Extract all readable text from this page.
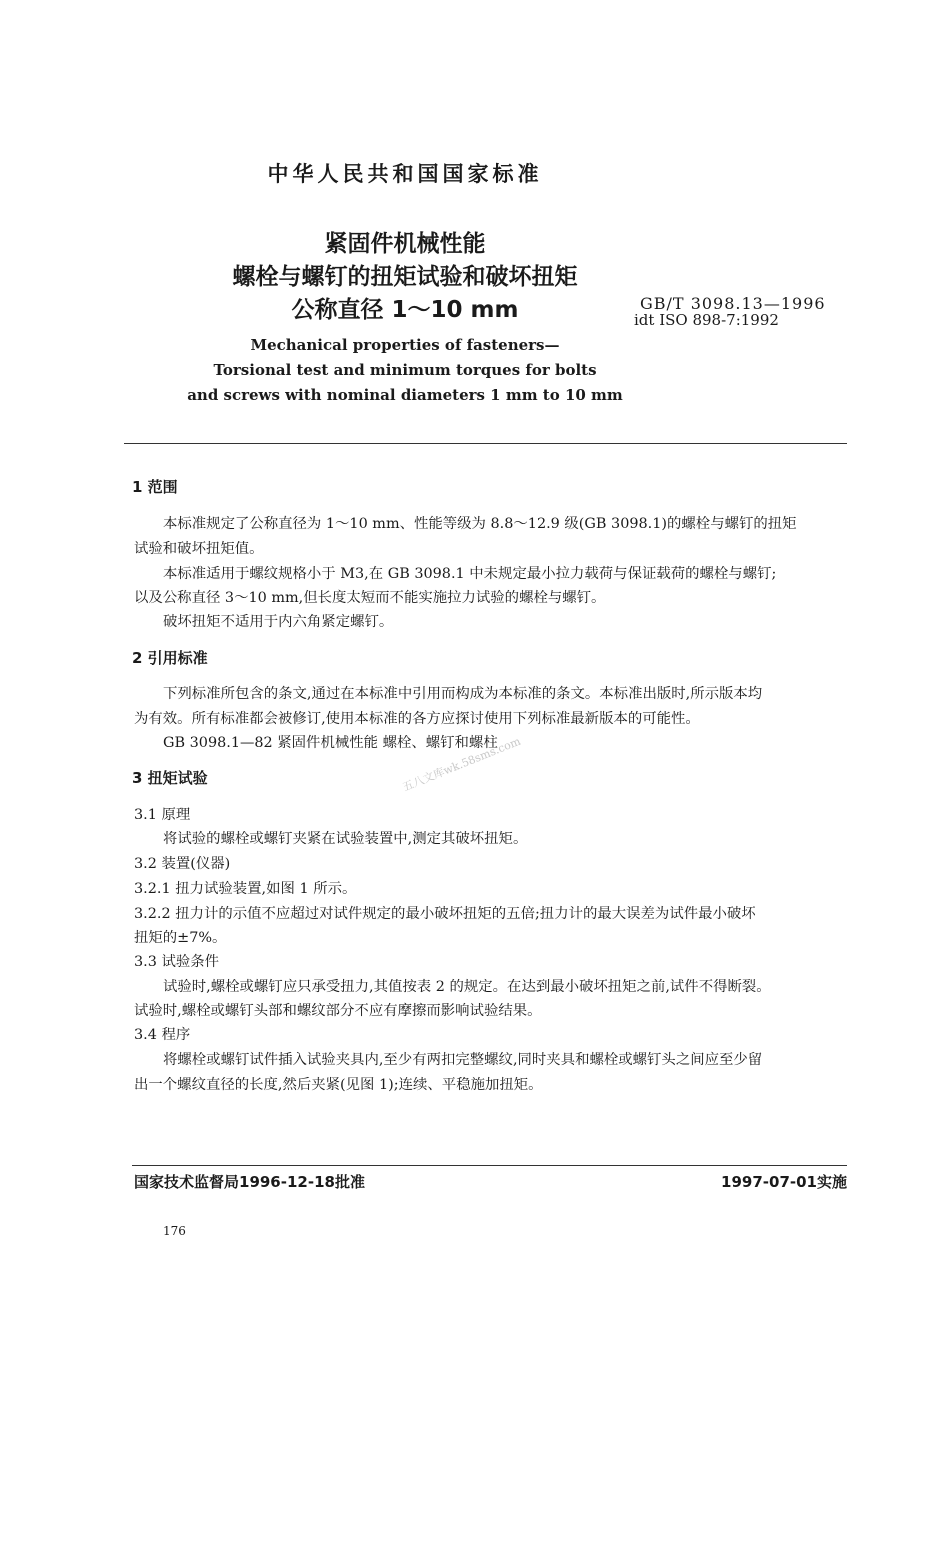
中华人民共和国国家标准
紧固件机械性能
螺栓与螺钉的扭矩试验和破坏扭矩
公称直径 1～10 mm	GB/T 3098.13—1996
idt ISO 898-7:1992
Mechanical properties of fasteners—
Torsional test and minimum torques for bolts
and screws with nominal diameters 1 mm to 10 mm
五八文库wk.58sms.com
1 范围
本标准规定了公称直径为 1～10 mm、性能等级为 8.8～12.9 级(GB 3098.1)的螺栓与螺钉的扭矩
试验和破坏扭矩值。
本标准适用于螺纹规格小于 M3,在 GB 3098.1 中未规定最小拉力载荷与保证载荷的螺栓与螺钉;
以及公称直径 3～10 mm,但长度太短而不能实施拉力试验的螺栓与螺钉。
破坏扭矩不适用于内六角紧定螺钉。
2 引用标准
下列标准所包含的条文,通过在本标准中引用而构成为本标准的条文。本标准出版时,所示版本均
为有效。所有标准都会被修订,使用本标准的各方应探讨使用下列标准最新版本的可能性。
GB 3098.1—82 紧固件机械性能 螺栓、螺钉和螺柱
3 扭矩试验
3.1 原理
将试验的螺栓或螺钉夹紧在试验装置中,测定其破坏扭矩。
3.2 装置(仪器)
3.2.1 扭力试验装置,如图 1 所示。
3.2.2 扭力计的示值不应超过对试件规定的最小破坏扭矩的五倍;扭力计的最大误差为试件最小破坏
扭矩的±7%。
3.3 试验条件
试验时,螺栓或螺钉应只承受扭力,其值按表 2 的规定。在达到最小破坏扭矩之前,试件不得断裂。
试验时,螺栓或螺钉头部和螺纹部分不应有摩擦而影响试验结果。
3.4 程序
将螺栓或螺钉试件插入试验夹具内,至少有两扣完整螺纹,同时夹具和螺栓或螺钉头之间应至少留
出一个螺纹直径的长度,然后夹紧(见图 1);连续、平稳施加扭矩。
国家技术监督局1996-12-18批准	1997-07-01实施
176
